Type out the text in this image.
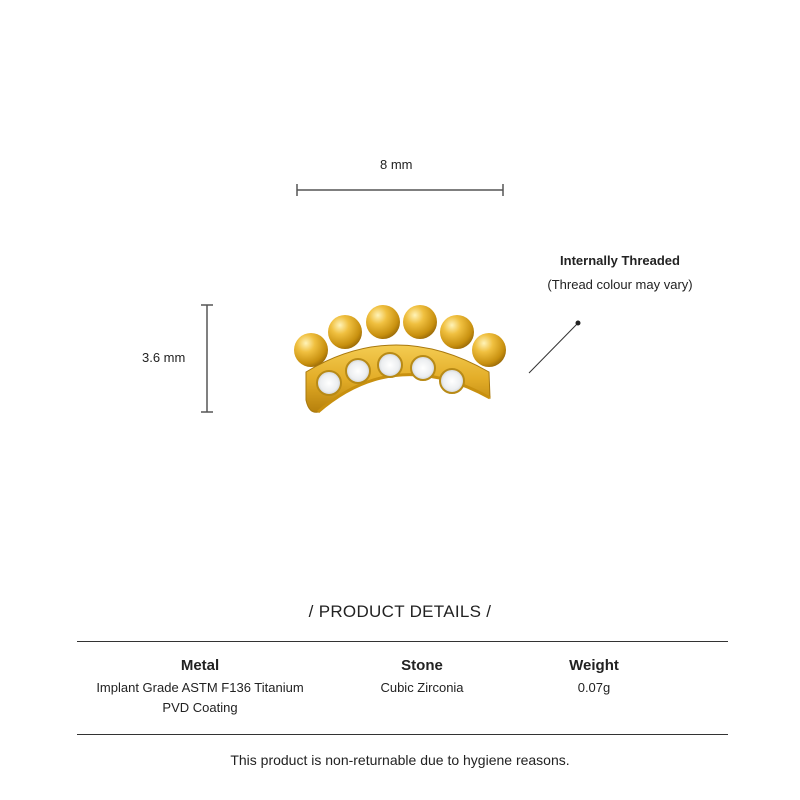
8 mm
3.6 mm
Internally Threaded
(Thread colour may vary)
/ PRODUCT DETAILS /
Metal
Implant Grade ASTM F136 Titanium
PVD Coating
Stone
Cubic Zirconia
Weight
0.07g
This product is non-returnable due to hygiene reasons.
